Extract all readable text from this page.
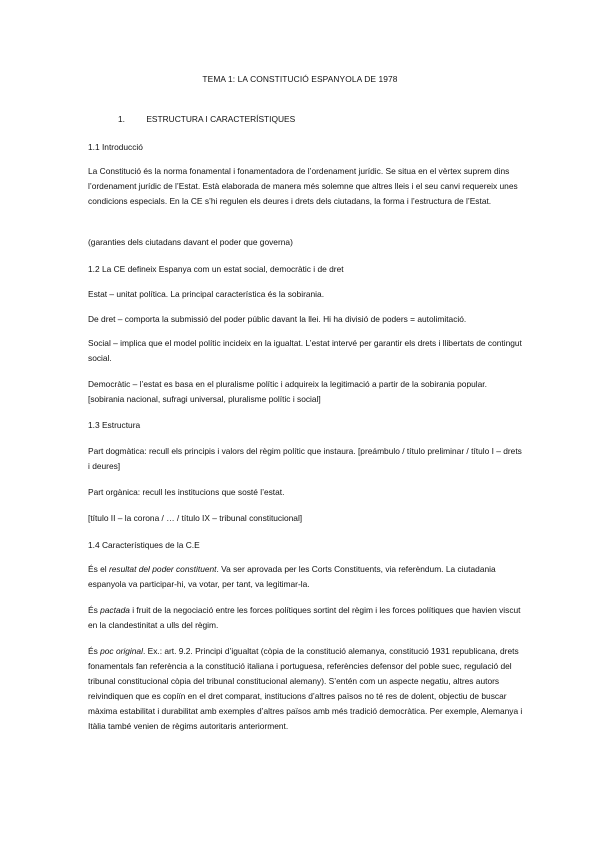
TEMA 1: LA CONSTITUCIÓ ESPANYOLA DE 1978

1.	ESTRUCTURA I CARACTERÍSTIQUES

1.1 Introducció

La Constitució és la norma fonamental i fonamentadora de l’ordenament jurídic. Se situa en el vèrtex suprem dins l’ordenament jurídic de l’Estat. Està elaborada de manera més solemne que altres lleis i el seu canvi requereix unes condicions especials. En la CE s’hi regulen els deures i drets dels ciutadans, la forma i l’estructura de l’Estat.

(garanties dels ciutadans davant el poder que governa)

1.2 La CE defineix Espanya com un estat social, democràtic i de dret

Estat – unitat política. La principal característica és la sobirania.

De dret – comporta la submissió del poder públic davant la llei. Hi ha divisió de poders = autolimitació.

Social – implica que el model polític incideix en la igualtat. L’estat intervé per garantir els drets i llibertats de contingut social.

Democràtic – l’estat es basa en el pluralisme polític i adquireix la legitimació a partir de la sobirania popular. [sobirania nacional, sufragi universal, pluralisme polític i social]

1.3 Estructura

Part dogmàtica: recull els principis i valors del règim polític que instaura. [preámbulo / título preliminar / título I – drets i deures]

Part orgànica: recull les institucions que sosté l’estat.

[título II – la corona / … / título IX – tribunal constitucional]

1.4 Característiques de la C.E

És el resultat del poder constituent. Va ser aprovada per les Corts Constituents, via referèndum. La ciutadania espanyola va participar-hi, va votar, per tant, va legitimar-la.

És pactada i fruit de la negociació entre les forces polítiques sortint del règim i les forces polítiques que havien viscut en la clandestinitat a ulls del règim.

És poc original. Ex.: art. 9.2. Principi d’igualtat (còpia de la constitució alemanya, constitució 1931 republicana, drets fonamentals fan referència a la constitució italiana i portuguesa, referències defensor del poble suec, regulació del tribunal constitucional còpia del tribunal constitucional alemany). S’entén com un aspecte negatiu, altres autors reivindiquen que es copiïn en el dret comparat, institucions d’altres països no té res de dolent, objectiu de buscar màxima estabilitat i durabilitat amb exemples d’altres països amb més tradició democràtica. Per exemple, Alemanya i Itàlia també venien de règims autoritaris anteriorment.
